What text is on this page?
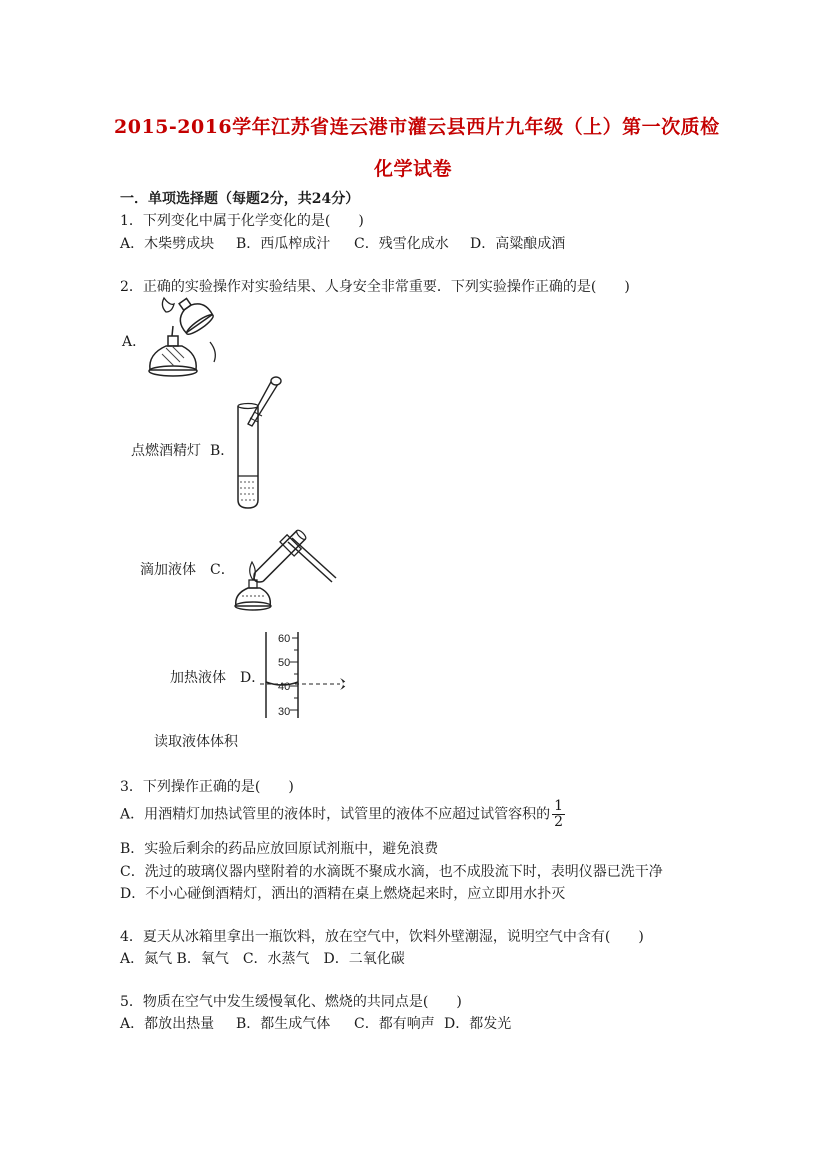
2015-2016学年江苏省连云港市灌云县西片九年级（上）第一次质检
化学试卷
一．单项选择题（每题2分，共24分）
1．下列变化中属于化学变化的是(　　)
A．木柴劈成块 B．西瓜榨成汁 C．残雪化成水 D．高粱酿成酒
2．正确的实验操作对实验结果、人身安全非常重要．下列实验操作正确的是(　　)
A．
点燃酒精灯 B．
滴加液体 C．
加热液体 D．
60
50
40
30
读取液体体积
3．下列操作正确的是(　　)
A．用酒精灯加热试管里的液体时，试管里的液体不应超过试管容积的 $\frac{1}{2}$
B．实验后剩余的药品应放回原试剂瓶中，避免浪费
C．洗过的玻璃仪器内壁附着的水滴既不聚成水滴，也不成股流下时，表明仪器已洗干净
D．不小心碰倒酒精灯，洒出的酒精在桌上燃烧起来时，应立即用水扑灭
4．夏天从冰箱里拿出一瓶饮料，放在空气中，饮料外壁潮湿，说明空气中含有(　　)
A．氮气 B．氧气　C．水蒸气　D．二氧化碳
5．物质在空气中发生缓慢氧化、燃烧的共同点是(　　)
A．都放出热量 B．都生成气体 C．都有响声 D．都发光
